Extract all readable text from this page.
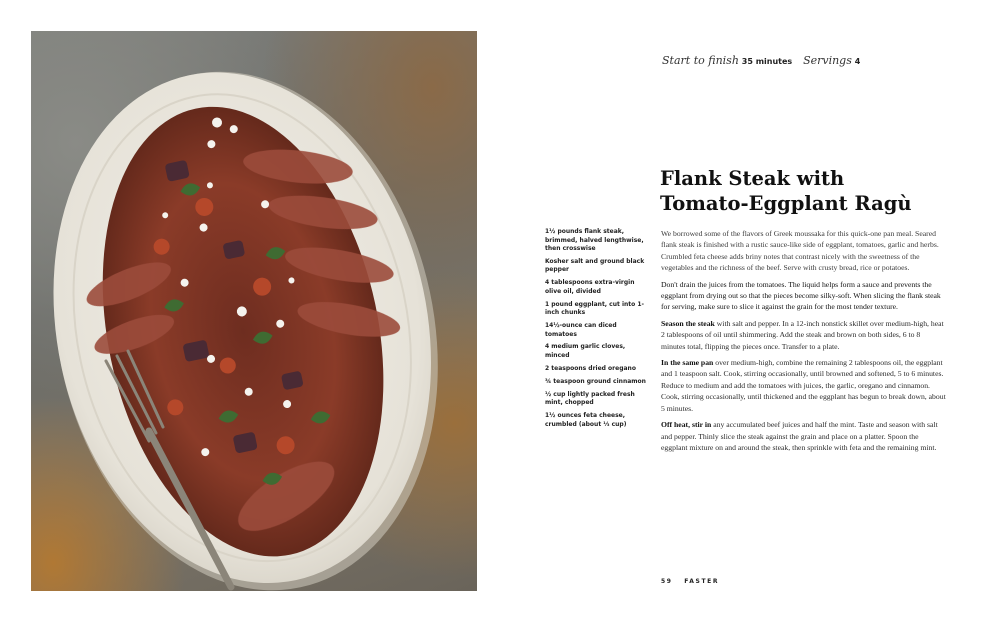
Start to finish 35 minutes Servings 4
Flank Steak with
Tomato-Eggplant Ragù
1½ pounds flank steak, brimmed, halved lengthwise, then crosswise
Kosher salt and ground black pepper
4 tablespoons extra-virgin olive oil, divided
1 pound eggplant, cut into 1-inch chunks
14½-ounce can diced tomatoes
4 medium garlic cloves, minced
2 teaspoons dried oregano
¾ teaspoon ground cinnamon
½ cup lightly packed fresh mint, chopped
1½ ounces feta cheese, crumbled (about ⅓ cup)

We borrowed some of the flavors of Greek moussaka for this quick-one pan meal. Seared flank steak is finished with a rustic sauce-like side of eggplant, tomatoes, garlic and herbs. Crumbled feta cheese adds briny notes that contrast nicely with the sweetness of the vegetables and the richness of the beef. Serve with crusty bread, rice or potatoes.

Don't drain the juices from the tomatoes. The liquid helps form a sauce and prevents the eggplant from drying out so that the pieces become silky-soft. When slicing the flank steak for serving, make sure to slice it against the grain for the most tender texture.

Season the steak with salt and pepper. In a 12-inch nonstick skillet over medium-high, heat 2 tablespoons of oil until shimmering. Add the steak and brown on both sides, 6 to 8 minutes total, flipping the pieces once. Transfer to a plate.

In the same pan over medium-high, combine the remaining 2 tablespoons oil, the eggplant and 1 teaspoon salt. Cook, stirring occasionally, until browned and softened, 5 to 6 minutes. Reduce to medium and add the tomatoes with juices, the garlic, oregano and cinnamon. Cook, stirring occasionally, until thickened and the eggplant has begun to break down, about 5 minutes.

Off heat, stir in any accumulated beef juices and half the mint. Taste and season with salt and pepper. Thinly slice the steak against the grain and place on a platter. Spoon the eggplant mixture on and around the steak, then sprinkle with feta and the remaining mint.

59 FASTER
